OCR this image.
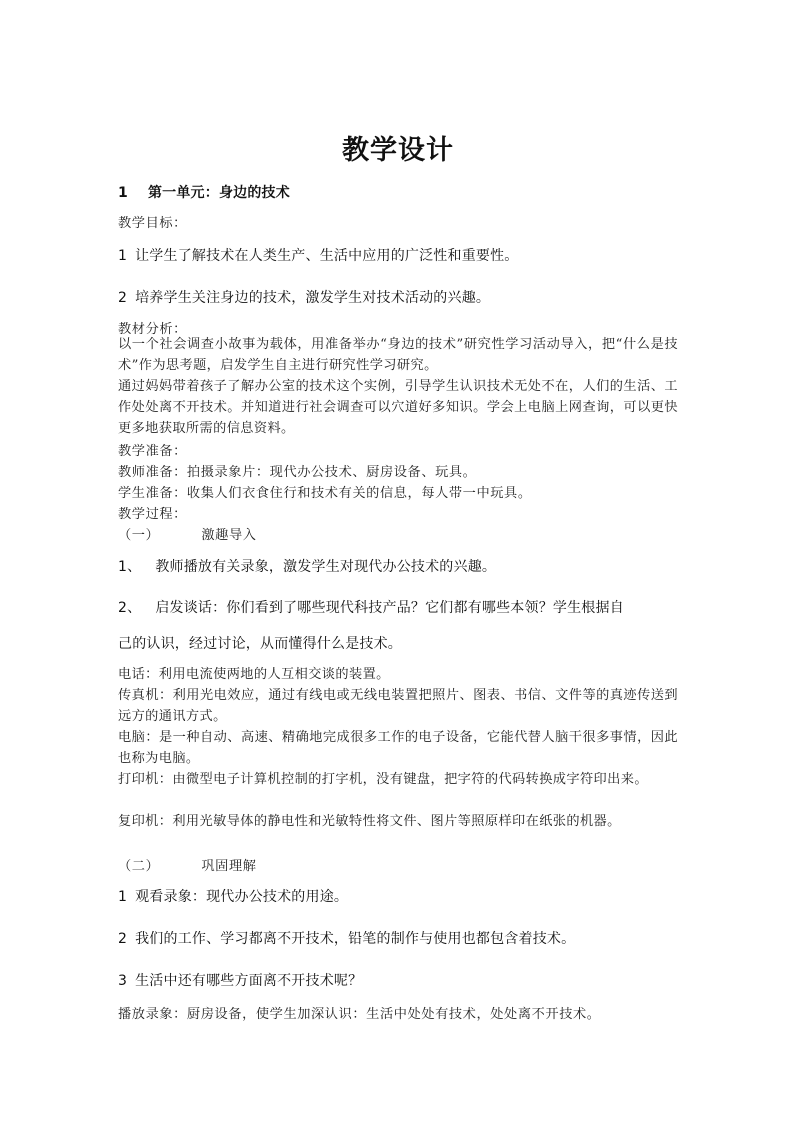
教学设计
1 第一单元：身边的技术
教学目标：
1 让学生了解技术在人类生产、生活中应用的广泛性和重要性。
2 培养学生关注身边的技术，激发学生对技术活动的兴趣。
教材分析：

以一个社会调查小故事为载体，用准备举办“身边的技术”研究性学习活动导入，把“什么是技术”作为思考题，启发学生自主进行研究性学习研究。

通过妈妈带着孩子了解办公室的技术这个实例，引导学生认识技术无处不在，人们的生活、工作处处离不开技术。并知道进行社会调查可以穴道好多知识。学会上电脑上网查询，可以更快更多地获取所需的信息资料。

教学准备：
教师准备：拍摄录象片：现代办公技术、厨房设备、玩具。
学生准备：收集人们衣食住行和技术有关的信息，每人带一中玩具。
教学过程：
（一）	激趣导入
1、 教师播放有关录象，激发学生对现代办公技术的兴趣。
2、 启发谈话：你们看到了哪些现代科技产品？它们都有哪些本领？学生根据自
己的认识，经过讨论，从而懂得什么是技术。

电话：利用电流使两地的人互相交谈的装置。

传真机：利用光电效应，通过有线电或无线电装置把照片、图表、书信、文件等的真迹传送到远方的通讯方式。

电脑：是一种自动、高速、精确地完成很多工作的电子设备，它能代替人脑干很多事情，因此也称为电脑。

打印机：由微型电子计算机控制的打字机，没有键盘，把字符的代码转换成字符印出来。

复印机：利用光敏导体的静电性和光敏特性将文件、图片等照原样印在纸张的机器。

（二）	巩固理解
1 观看录象：现代办公技术的用途。
2 我们的工作、学习都离不开技术，铅笔的制作与使用也都包含着技术。
3 生活中还有哪些方面离不开技术呢？
播放录象：厨房设备，使学生加深认识：生活中处处有技术，处处离不开技术。
